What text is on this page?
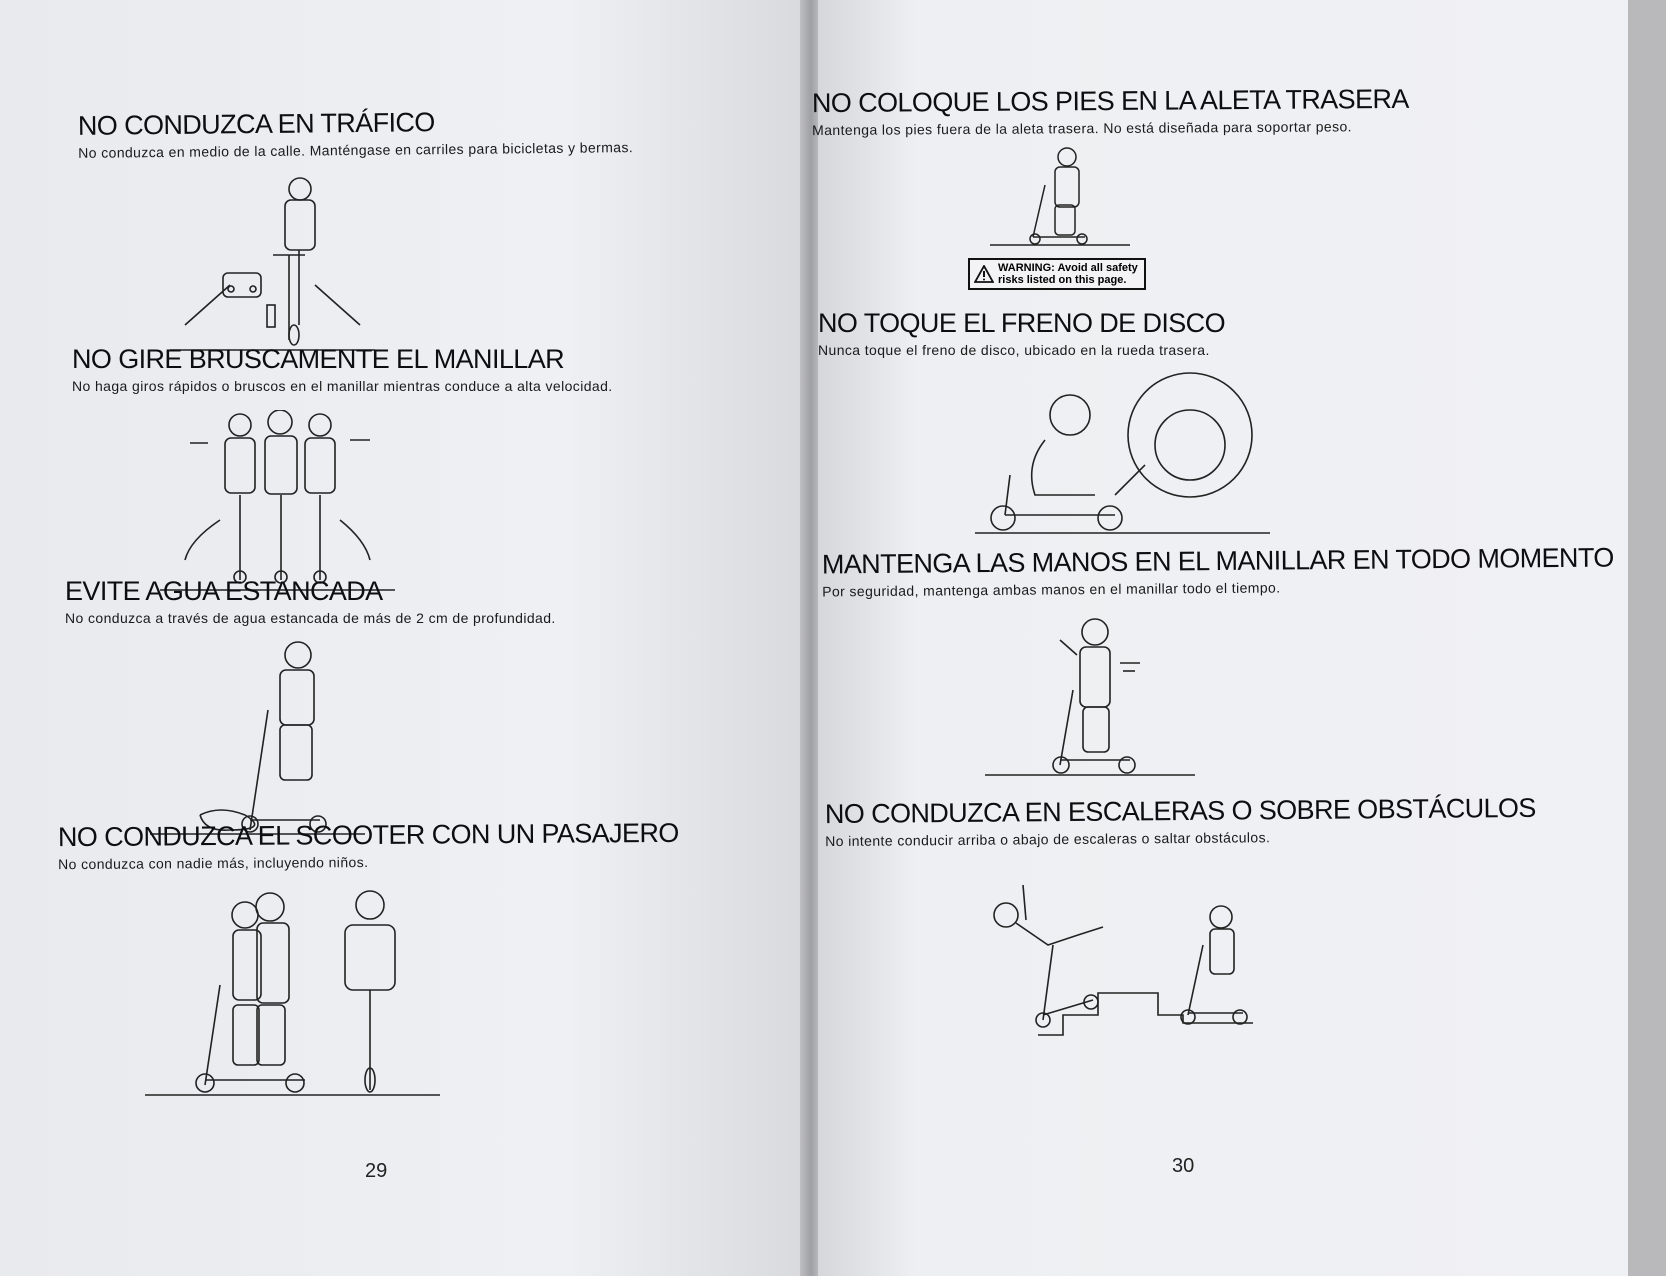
NO CONDUZCA EN TRÁFICO
No conduzca en medio de la calle. Manténgase en carriles para bicicletas y bermas.
NO GIRE BRUSCAMENTE EL MANILLAR
No haga giros rápidos o bruscos en el manillar mientras conduce a alta velocidad.
EVITE AGUA ESTANCADA
No conduzca a través de agua estancada de más de 2 cm de profundidad.
NO CONDUZCA EL SCOOTER CON UN PASAJERO
No conduzca con nadie más, incluyendo niños.
29
NO COLOQUE LOS PIES EN LA ALETA TRASERA
Mantenga los pies fuera de la aleta trasera. No está diseñada para soportar peso.
WARNING: Avoid all safety
risks listed on this page.
NO TOQUE EL FRENO DE DISCO
Nunca toque el freno de disco, ubicado en la rueda trasera.
MANTENGA LAS MANOS EN EL MANILLAR EN TODO MOMENTO
Por seguridad, mantenga ambas manos en el manillar todo el tiempo.
NO CONDUZCA EN ESCALERAS O SOBRE OBSTÁCULOS
No intente conducir arriba o abajo de escaleras o saltar obstáculos.
30
